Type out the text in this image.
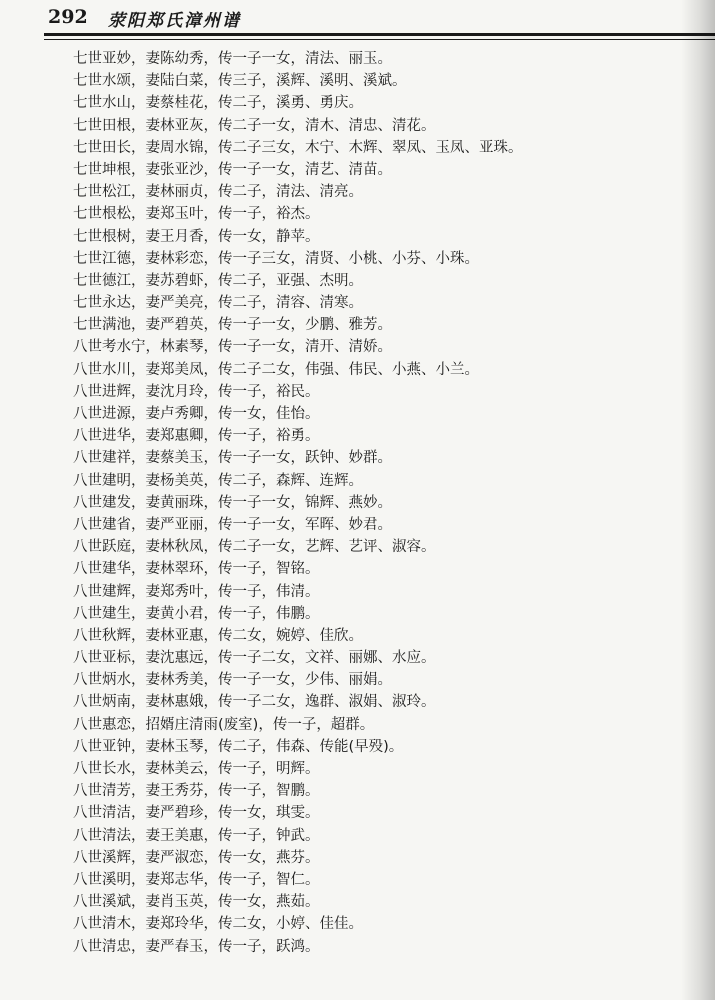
292 荥阳郑氏漳州谱
七世亚妙，妻陈幼秀，传一子一女，清法、丽玉。
七世水颂，妻陆白菜，传三子，溪辉、溪明、溪斌。
七世水山，妻蔡桂花，传二子，溪勇、勇庆。
七世田根，妻林亚灰，传二子一女，清木、清忠、清花。
七世田长，妻周水锦，传二子三女，木宁、木辉、翠凤、玉凤、亚珠。
七世坤根，妻张亚沙，传一子一女，清艺、清苗。
七世松江，妻林丽贞，传二子，清法、清亮。
七世根松，妻郑玉叶，传一子，裕杰。
七世根树，妻王月香，传一女，静苹。
七世江德，妻林彩恋，传一子三女，清贤、小桃、小芬、小珠。
七世德江，妻苏碧虾，传二子，亚强、杰明。
七世永达，妻严美亮，传二子，清容、清寒。
七世满池，妻严碧英，传一子一女，少鹏、雅芳。
八世考水宁，林素琴，传一子一女，清开、清娇。
八世水川，妻郑美凤，传二子二女，伟强、伟民、小燕、小兰。
八世进辉，妻沈月玲，传一子，裕民。
八世进源，妻卢秀卿，传一女，佳怡。
八世进华，妻郑惠卿，传一子，裕勇。
八世建祥，妻蔡美玉，传一子一女，跃钟、妙群。
八世建明，妻杨美英，传二子，森辉、连辉。
八世建发，妻黄丽珠，传一子一女，锦辉、燕妙。
八世建省，妻严亚丽，传一子一女，军晖、妙君。
八世跃庭，妻林秋凤，传二子一女，艺辉、艺评、淑容。
八世建华，妻林翠环，传一子，智铭。
八世建辉，妻郑秀叶，传一子，伟清。
八世建生，妻黄小君，传一子，伟鹏。
八世秋辉，妻林亚惠，传二女，婉婷、佳欣。
八世亚标，妻沈惠远，传一子二女，文祥、丽娜、水应。
八世炳水，妻林秀美，传一子一女，少伟、丽娟。
八世炳南，妻林惠娥，传一子二女，逸群、淑娟、淑玲。
八世惠恋，招婿庄清雨(废室)，传一子，超群。
八世亚钟，妻林玉琴，传二子，伟森、传能(早殁)。
八世长水，妻林美云，传一子，明辉。
八世清芳，妻王秀芬，传一子，智鹏。
八世清洁，妻严碧珍，传一女，琪雯。
八世清法，妻王美惠，传一子，钟武。
八世溪辉，妻严淑恋，传一女，燕芬。
八世溪明，妻郑志华，传一子，智仁。
八世溪斌，妻肖玉英，传一女，燕茹。
八世清木，妻郑玲华，传二女，小婷、佳佳。
八世清忠，妻严春玉，传一子，跃鸿。
